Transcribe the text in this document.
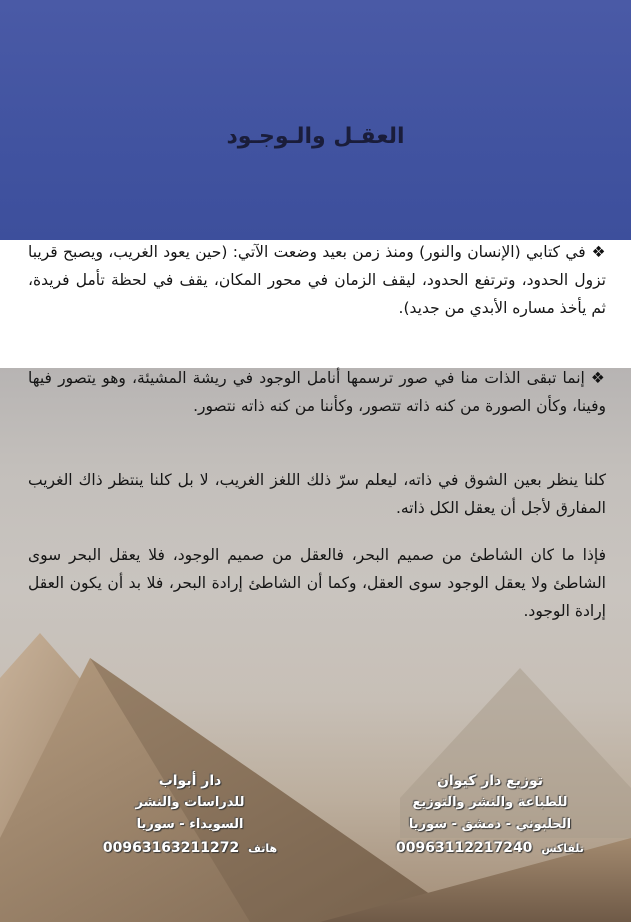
العقـل والـوجـود

❖في كتابي (الإنسان والنور) ومنذ زمن بعيد وضعت الآتي: (حين يعود الغريب، ويصبح قريبا تزول الحدود، وترتفع الحدود، ليقف الزمان في محور المكان، يقف في لحظة تأمل فريدة، ثم يأخذ مساره الأبدي من جديد).

❖إنما تبقى الذات منا في صور ترسمها أنامل الوجود في ريشة المشيئة، وهو يتصور فيها وفينا، وكأن الصورة من كنه ذاته تتصور، وكأننا من كنه ذاته نتصور.

كلنا ينظر بعين الشوق في ذاته، ليعلم سرّ ذلك اللغز الغريب، لا بل كلنا ينتظر ذاك الغريب المفارق لأجل أن يعقل الكل ذاته.

فإذا ما كان الشاطئ من صميم البحر، فالعقل من صميم الوجود، فلا يعقل البحر سوى الشاطئ ولا يعقل الوجود سوى العقل، وكما أن الشاطئ إرادة البحر، فلا بد أن يكون العقل إرادة الوجود.

توزيع دار كيوان
للطباعة والنشر والتوزيع
الحلبوني - دمشق - سوريا
00963112217240 تلفاكس
دار أبواب
للدراسات والنشر
السويداء - سوريا
00963163211272 هاتف
